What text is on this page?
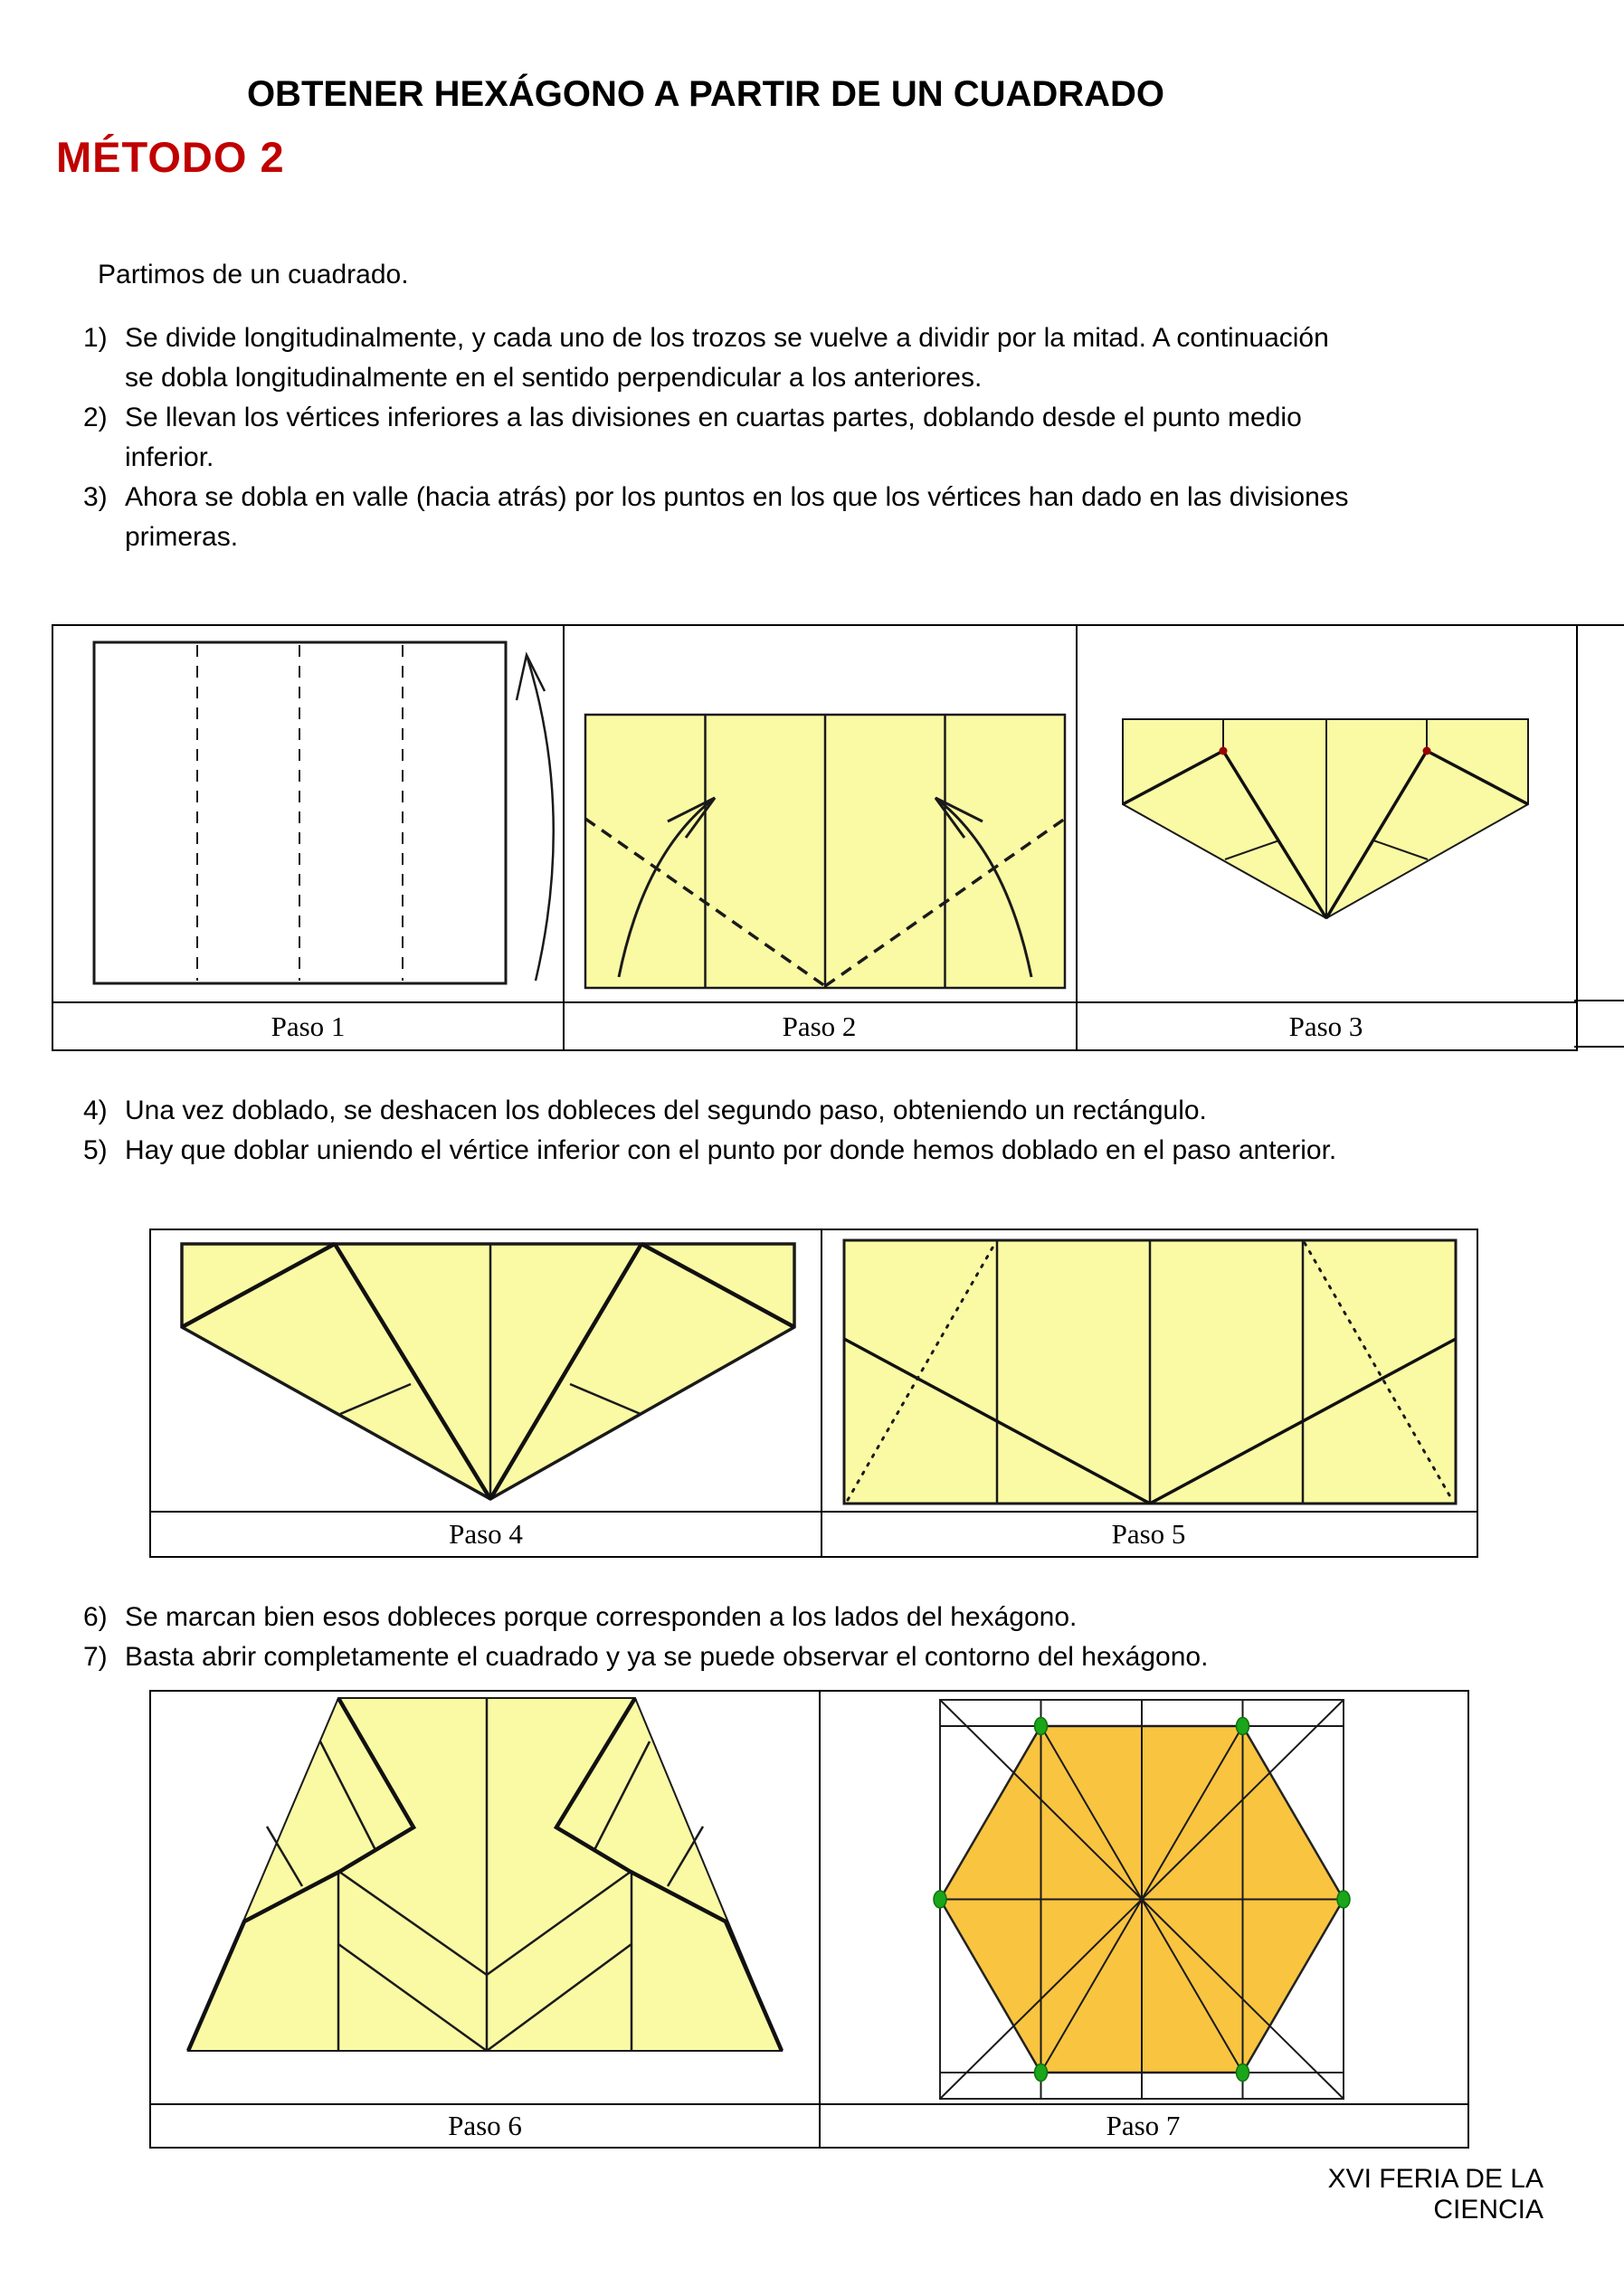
OBTENER HEXÁGONO A PARTIR DE UN CUADRADO
MÉTODO 2
Partimos de un cuadrado.
1) Se divide longitudinalmente, y cada uno de los trozos se vuelve a dividir por la mitad. A continuación se dobla longitudinalmente en el sentido perpendicular a los anteriores.
2) Se llevan los vértices inferiores a las divisiones en cuartas partes, doblando desde el punto medio inferior.
3) Ahora se dobla en valle (hacia atrás) por los puntos en los que los vértices han dado en las divisiones primeras.
Paso 1	Paso 2	Paso 3
4) Una vez doblado, se deshacen los dobleces del segundo paso, obteniendo un rectángulo.
5) Hay que doblar uniendo el vértice inferior con el punto por donde hemos doblado en el paso anterior.
Paso 4	Paso 5
6) Se marcan bien esos dobleces porque corresponden a los lados del hexágono.
7) Basta abrir completamente el cuadrado y ya se puede observar el contorno del hexágono.
Paso 6	Paso 7
XVI FERIA DE LA CIENCIA
